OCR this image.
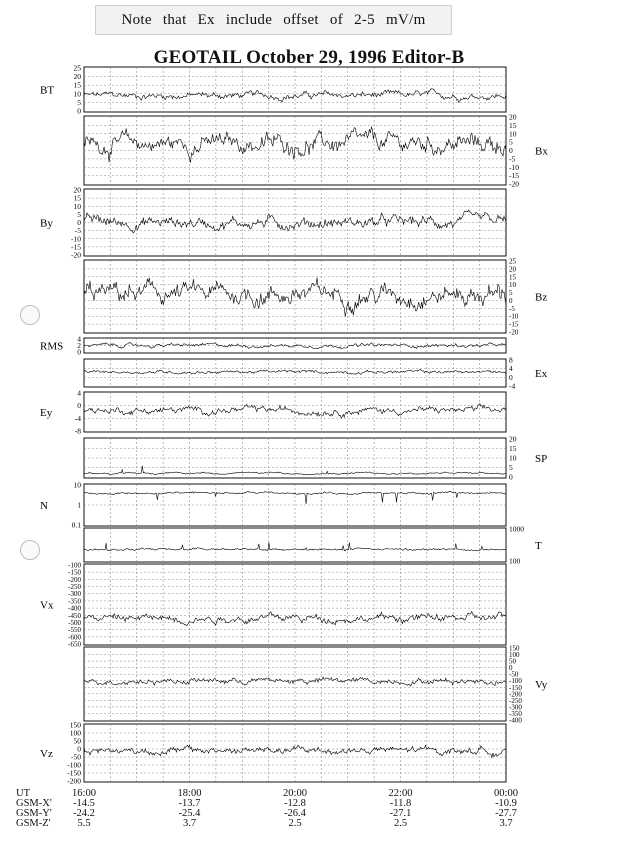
Note that Ex include offset of 2-5 mV/m
GEOTAIL October 29, 1996 Editor-B
25
20
15
10
5
0
BT
20
15
10
5
0
-5
-10
-15
-20
Bx
20
15
10
5
0
-5
-10
-15
-20
By
25
20
15
10
5
0
-5
-10
-15
-20
Bz
4
2
0
RMS
8
4
0
-4
Ex
4
0
-4
-8
Ey
20
15
10
5
0
SP
10
1
0.1
N
1000
100
T
-100
-150
-200
-250
-300
-350
-400
-450
-500
-550
-600
-650
Vx
150
100
50
0
-50
-100
-150
-200
-250
-300
-350
-400
Vy
150
100
50
0
-50
-100
-150
-200
Vz
UT
GSM-X'
GSM-Y'
GSM-Z'
16:00
-14.5
-24.2
5.5
18:00
-13.7
-25.4
3.7
20:00
-12.8
-26.4
2.5
22:00
-11.8
-27.1
2.5
00:00
-10.9
-27.7
3.7
